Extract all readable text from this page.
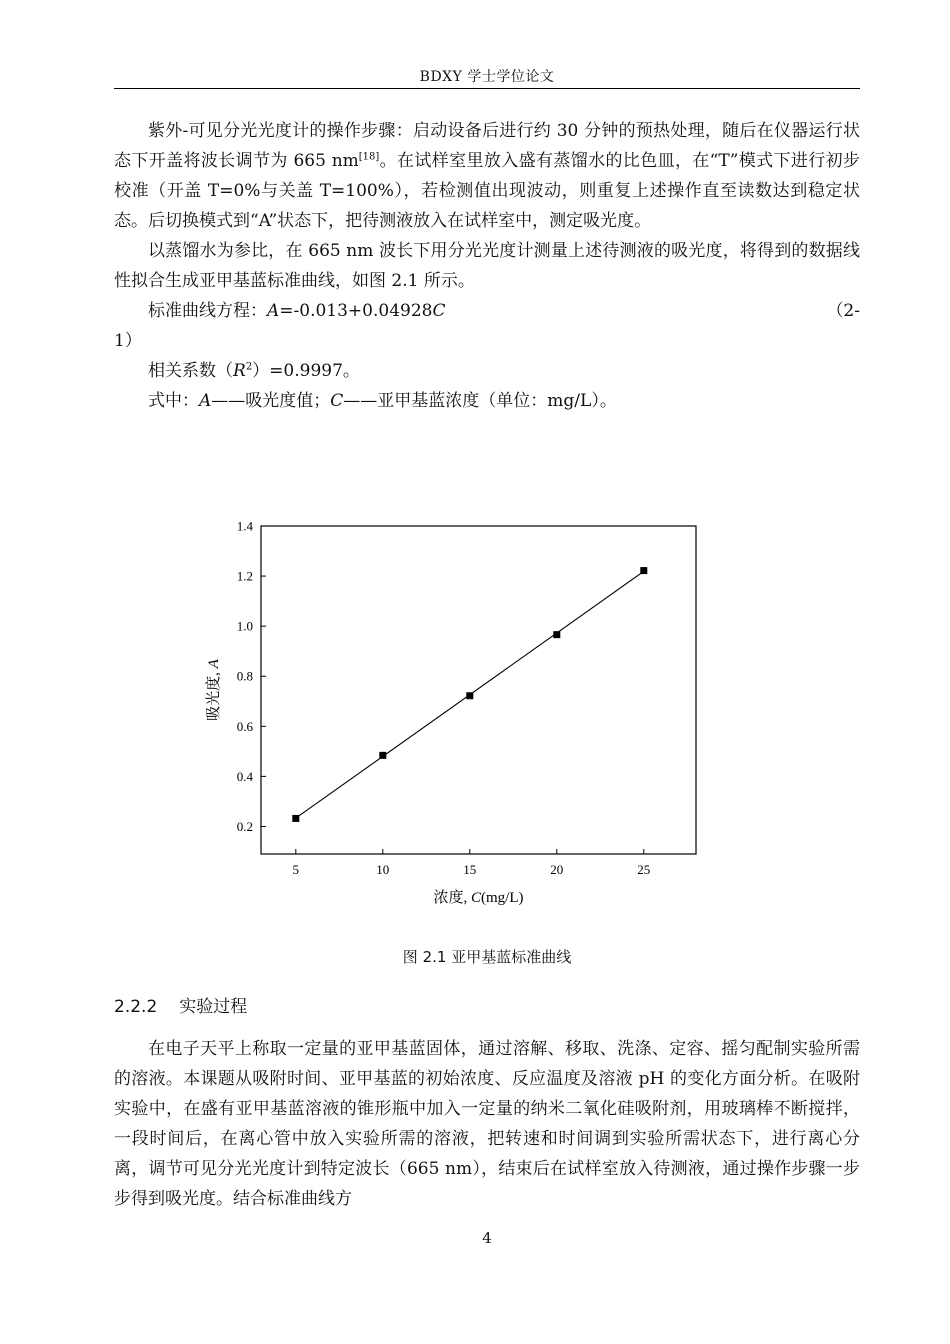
BDXY 学士学位论文

紫外-可见分光光度计的操作步骤：启动设备后进行约 30 分钟的预热处理，随后在仪器运行状态下开盖将波长调节为 665 nm[18]。在试样室里放入盛有蒸馏水的比色皿，在“T”模式下进行初步校准（开盖 T=0%与关盖 T=100%），若检测值出现波动，则重复上述操作直至读数达到稳定状态。后切换模式到“A”状态下，把待测液放入在试样室中，测定吸光度。

以蒸馏水为参比，在 665 nm 波长下用分光光度计测量上述待测液的吸光度，将得到的数据线性拟合生成亚甲基蓝标准曲线，如图 2.1 所示。

标准曲线方程：A=-0.013+0.04928C	（2-

1）

相关系数$(R^2)=0.9997$。

式中：A——吸光度值；C——亚甲基蓝浓度（单位：mg/L）。

5	10	15	20	25
0.2
0.4
0.6
0.8
1.0
1.2
1.4
浓度, C(mg/L)
吸光度, A
图 2.1 亚甲基蓝标准曲线
2.2.2 实验过程

在电子天平上称取一定量的亚甲基蓝固体，通过溶解、移取、洗涤、定容、摇匀配制实验所需的溶液。本课题从吸附时间、亚甲基蓝的初始浓度、反应温度及溶液 pH 的变化方面分析。在吸附实验中，在盛有亚甲基蓝溶液的锥形瓶中加入一定量的纳米二氧化硅吸附剂，用玻璃棒不断搅拌，一段时间后，在离心管中放入实验所需的溶液，把转速和时间调到实验所需状态下，进行离心分离，调节可见分光光度计到特定波长（665 nm），结束后在试样室放入待测液，通过操作步骤一步步得到吸光度。结合标准曲线方

4
